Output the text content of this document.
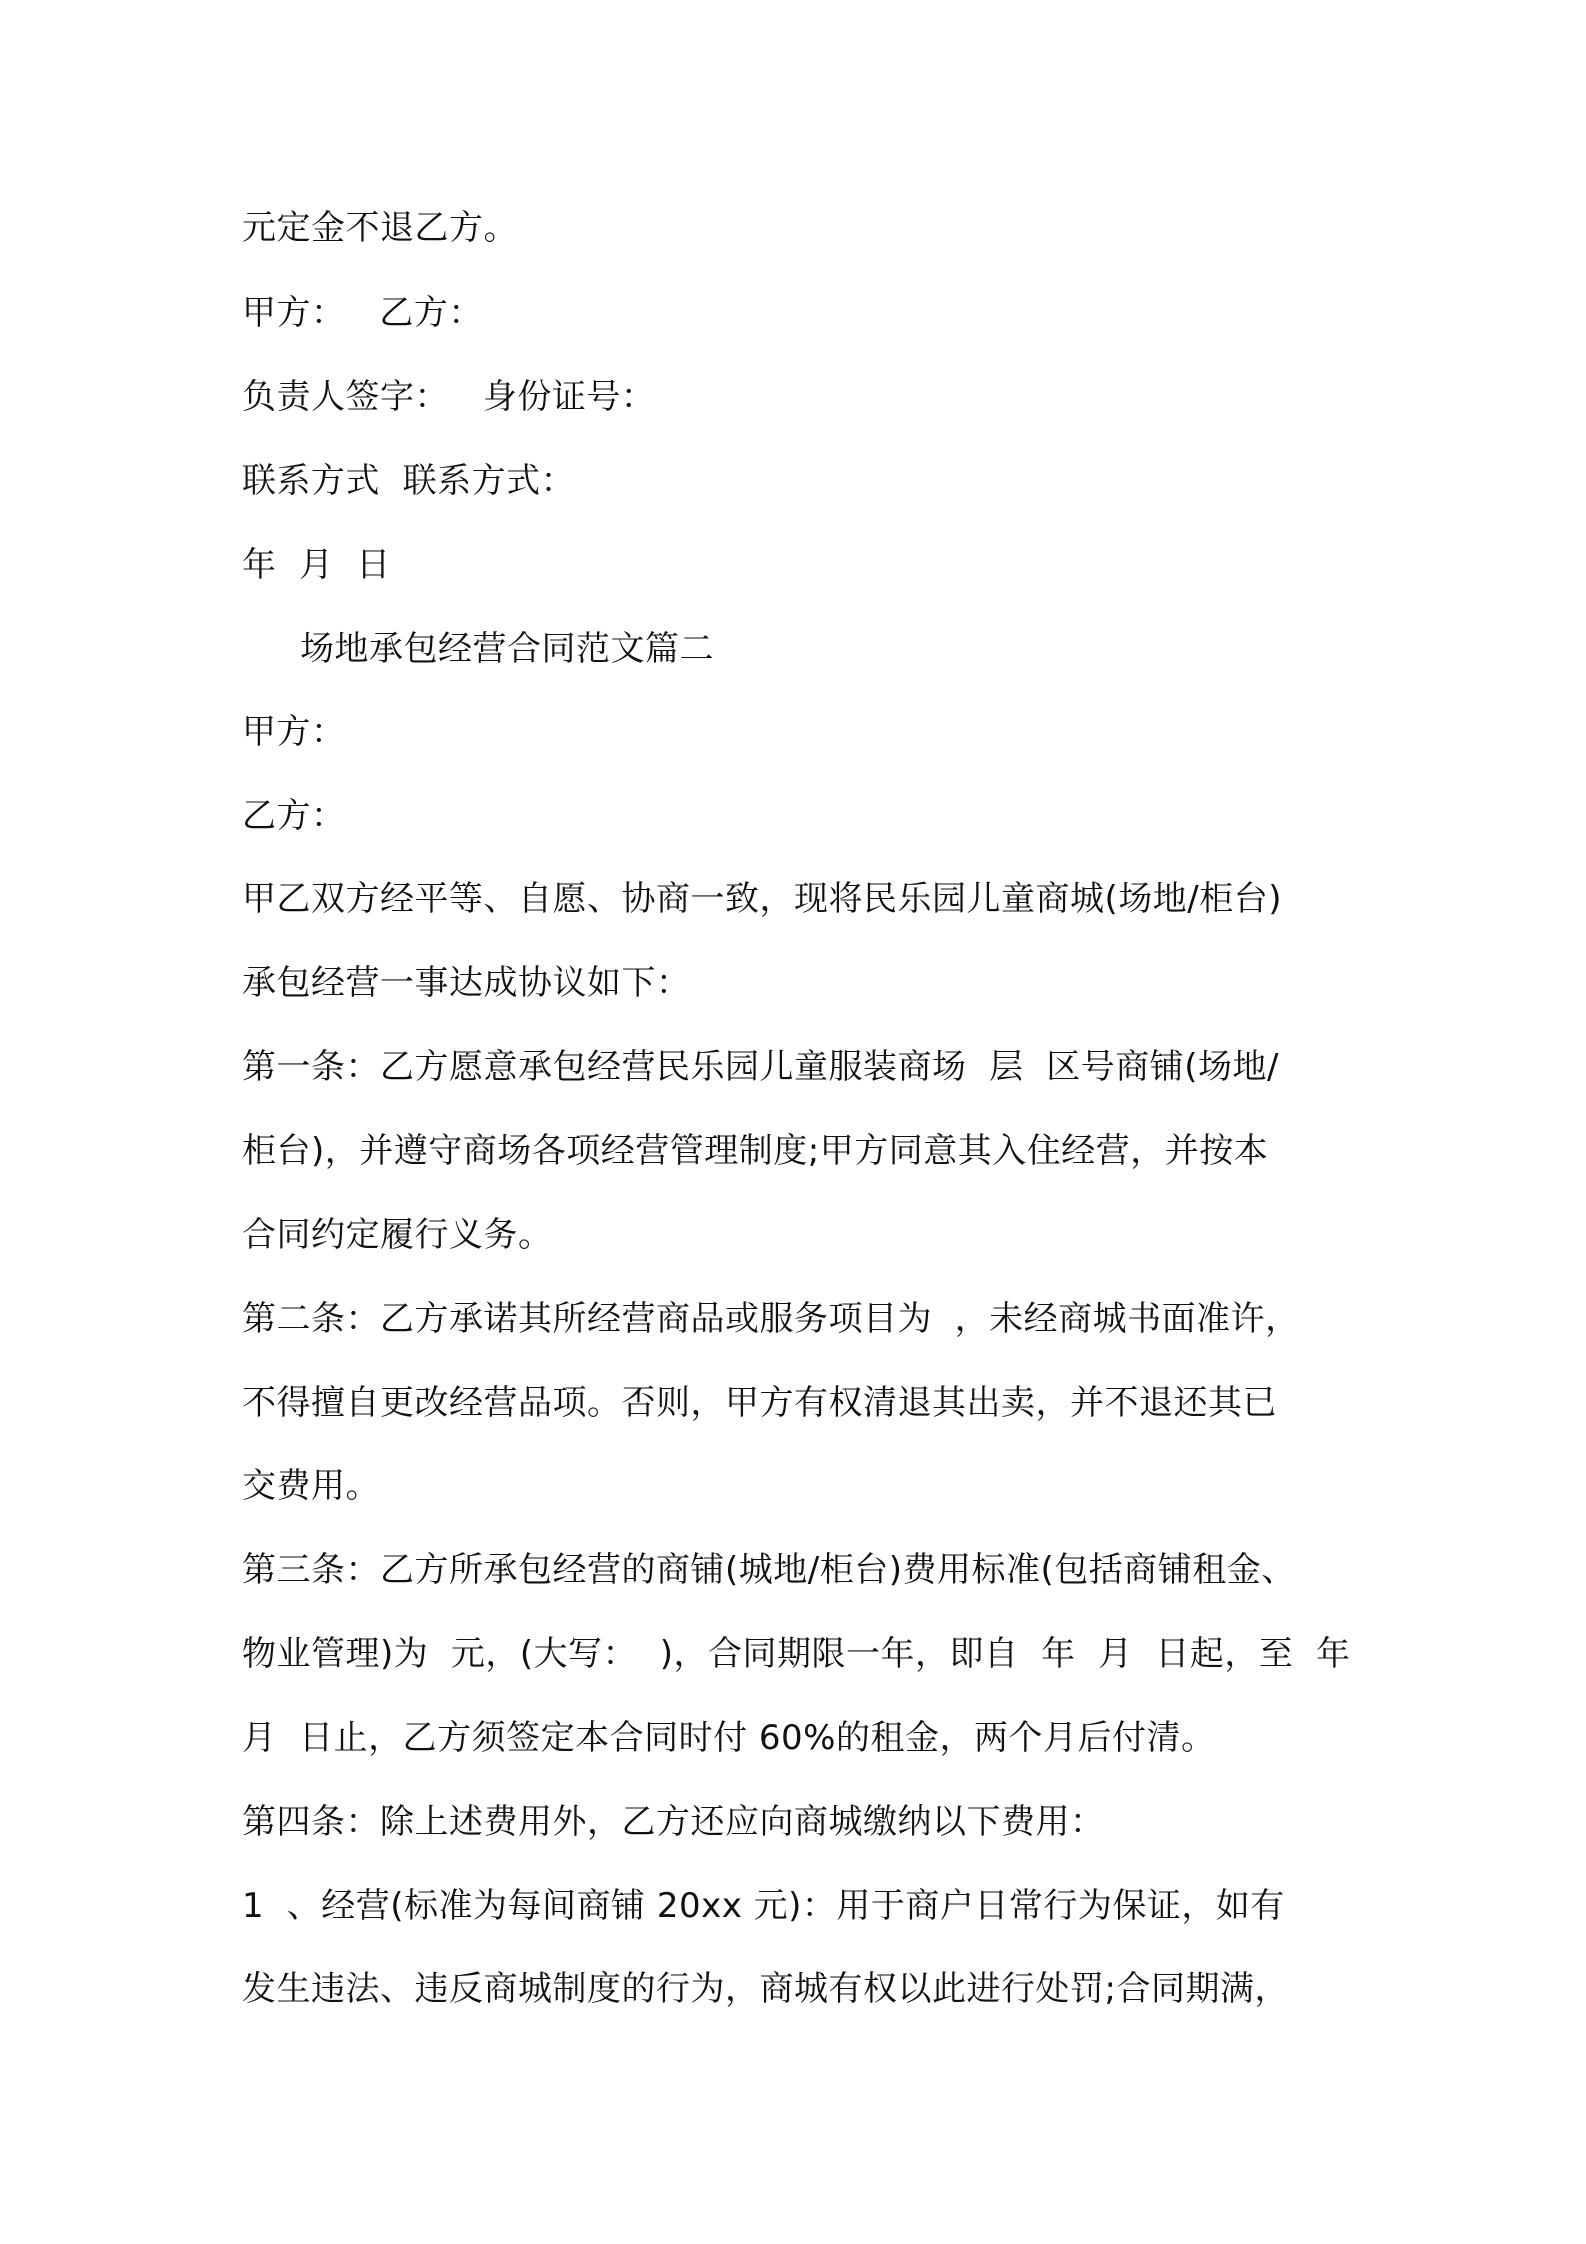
元定金不退乙方。
甲方：   乙方：
负责人签字：   身份证号：
联系方式  联系方式：
年  月  日
场地承包经营合同范文篇二
甲方：
乙方：
甲乙双方经平等、自愿、协商一致，现将民乐园儿童商城(场地/柜台)
承包经营一事达成协议如下：
第一条：乙方愿意承包经营民乐园儿童服装商场  层  区号商铺(场地/
柜台)，并遵守商场各项经营管理制度;甲方同意其入住经营，并按本
合同约定履行义务。
第二条：乙方承诺其所经营商品或服务项目为  ，未经商城书面准许，
不得擅自更改经营品项。否则，甲方有权清退其出卖，并不退还其已
交费用。
第三条：乙方所承包经营的商铺(城地/柜台)费用标准(包括商铺租金、
物业管理)为  元，(大写：  )，合同期限一年，即自  年  月  日起，至  年
月  日止，乙方须签定本合同时付 60%的租金，两个月后付清。
第四条：除上述费用外，乙方还应向商城缴纳以下费用：
1  、经营(标准为每间商铺 20xx 元)：用于商户日常行为保证，如有
发生违法、违反商城制度的行为，商城有权以此进行处罚;合同期满，
